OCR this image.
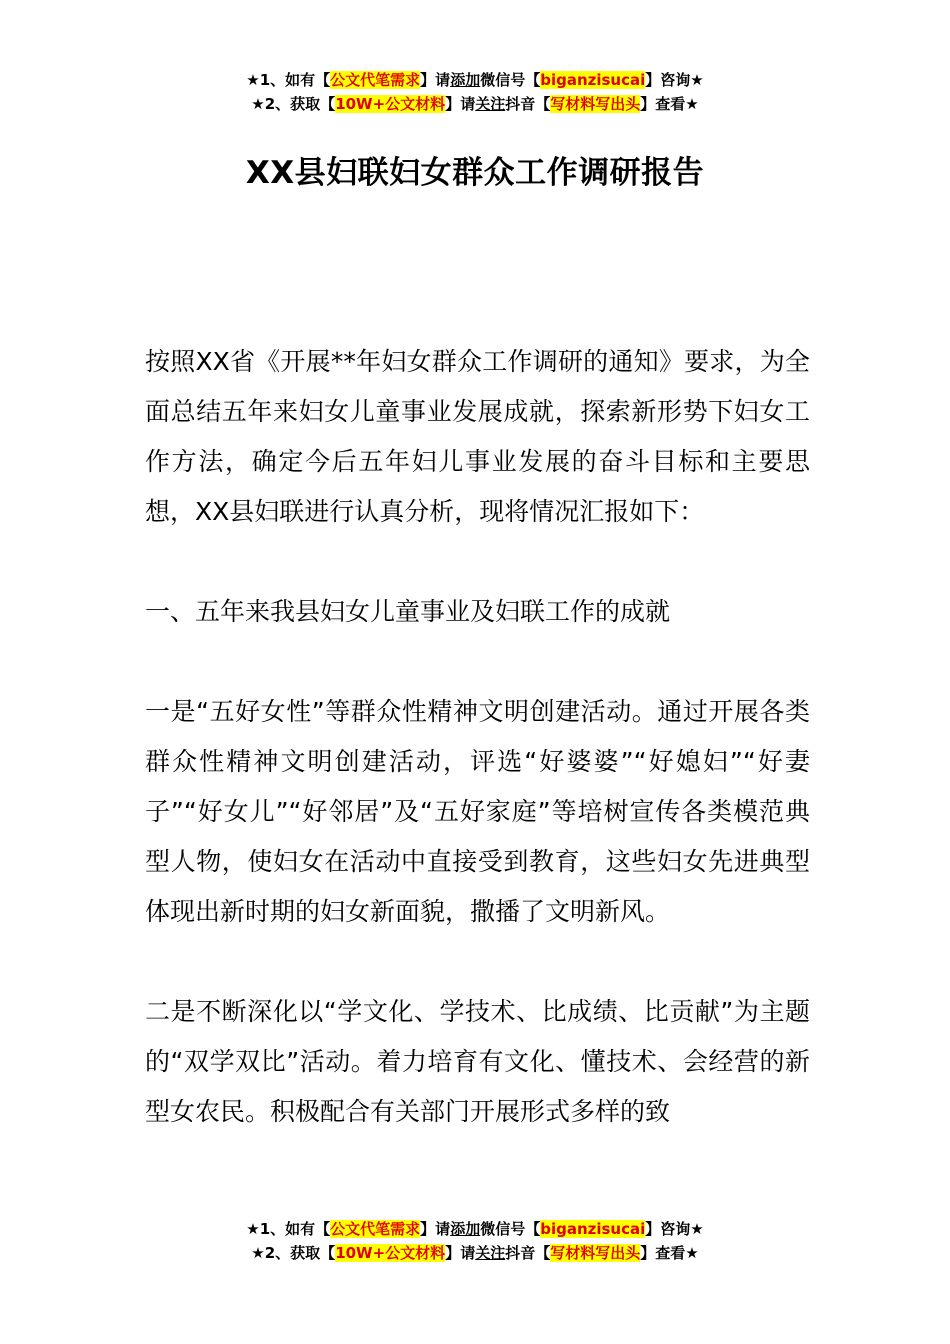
★1、如有【公文代笔需求】请添加微信号【biganzisucai】咨询★
★2、获取【10W+公文材料】请关注抖音【写材料写出头】查看★
XX县妇联妇女群众工作调研报告

按照XX省《开展**年妇女群众工作调研的通知》要求，为全面总结五年来妇女儿童事业发展成就，探索新形势下妇女工作方法，确定今后五年妇儿事业发展的奋斗目标和主要思想，XX县妇联进行认真分析，现将情况汇报如下：

一、五年来我县妇女儿童事业及妇联工作的成就

一是“五好女性”等群众性精神文明创建活动。通过开展各类群众性精神文明创建活动，评选“好婆婆”“好媳妇”“好妻子”“好女儿”“好邻居”及“五好家庭”等培树宣传各类模范典型人物，使妇女在活动中直接受到教育，这些妇女先进典型体现出新时期的妇女新面貌，撒播了文明新风。

二是不断深化以“学文化、学技术、比成绩、比贡献”为主题的“双学双比”活动。着力培育有文化、懂技术、会经营的新型女农民。积极配合有关部门开展形式多样的致

★1、如有【公文代笔需求】请添加微信号【biganzisucai】咨询★
★2、获取【10W+公文材料】请关注抖音【写材料写出头】查看★
